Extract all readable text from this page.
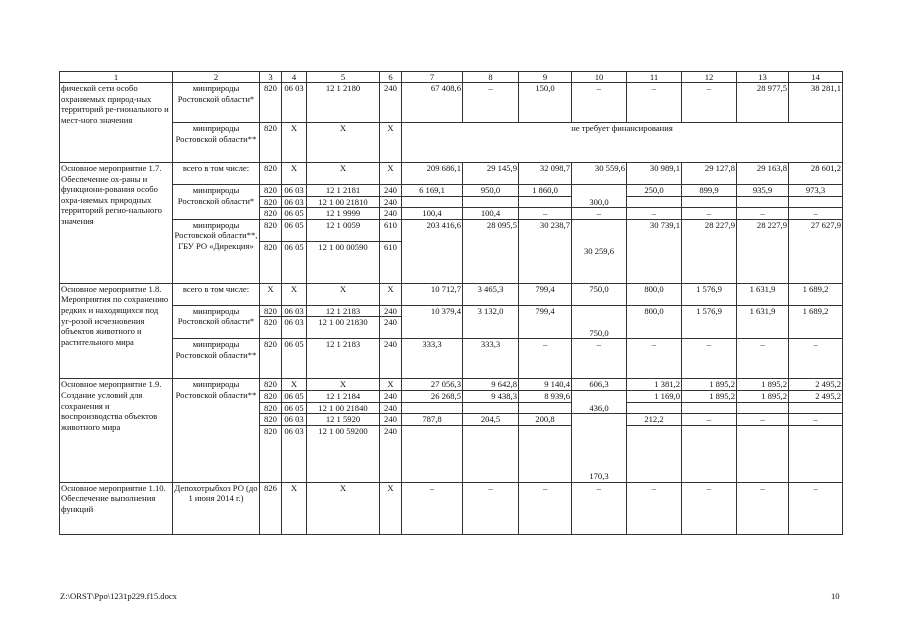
1	2	3	4	5	6	7	8	9	10	11	12	13	14
фической сети особо охраняемых природ-ных территорий ре-гионального и мест-ного значения	минприроды Ростовской области*	820	06 03	12 1 2180	240	67 408,6	–	150,0	–	–	–	28 977,5	38 281,1
	минприроды Ростовской области**	820	X	X	X	не требует финансирования							
Основное мероприятие 1.7. Обеспечение ох-раны и функциони-рования особо охра-няемых природных территорий регио-нального значения	всего в том числе:	820	X	X	X	209 686,1	29 145,9	32 098,7	30 559,6	30 989,1	29 127,8	29 163,8	28 601,2
	минприроды Ростовской области*	820	06 03	12 1 2181	240	6 169,1	950,0	1 860,0	300,0	250,0	899,9	935,9	973,3
		820	06 03	12 1 00 21810	240								
		820	06 05	12 1 9999	240	100,4	100,4	–	–	–	–	–	–
	минприроды Ростовской области**, ГБУ РО «Дирекция»	820	06 05	12 1 0059	610	203 416,6	28 095,5	30 238,7	30 259,6	30 739,1	28 227,9	28 227,9	27 627,9
		820	06 05	12 1 00 00590	610								
Основное мероприятие 1.8. Мероприятия по сохранению редких и находящихся под уг-розой исчезновения объектов животного и растительного мира	всего в том числе:	X	X	X	X	10 712,7	3 465,3	799,4	750,0	800,0	1 576,9	1 631,9	1 689,2
	минприроды Ростовской области*	820	06 03	12 1 2183	240	10 379,4	3 132,0	799,4	750,0	800,0	1 576,9	1 631,9	1 689,2
		820	06 03	12 1 00 21830	240								
	минприроды Ростовской области**	820	06 05	12 1 2183	240	333,3	333,3	–	–	–	–	–	–
Основное мероприятие 1.9. Создание условий для сохранения и воспроизводства объектов животного мира	минприроды Ростовской области**	820	X	X	X	27 056,3	9 642,8	9 140,4	606,3	1 381,2	1 895,2	1 895,2	2 495,2
		820	06 05	12 1 2184	240	26 268,5	9 438,3	8 939,6	436,0	1 169,0	1 895,2	1 895,2	2 495,2
		820	06 05	12 1 00 21840	240								
		820	06 03	12 1 5920	240	787,8	204,5	200,8	170,3	212,2	–	–	–
		820	06 03	12 1 00 59200	240								
Основное мероприятие 1.10. Обеспечение выполнения функций	Депохотрыбхоз РО (до 1 июня 2014 г.)	826	X	X	X	–	–	–	–	–	–	–	–
Z:\ORST\Ppo\1231p229.f15.docx	10
